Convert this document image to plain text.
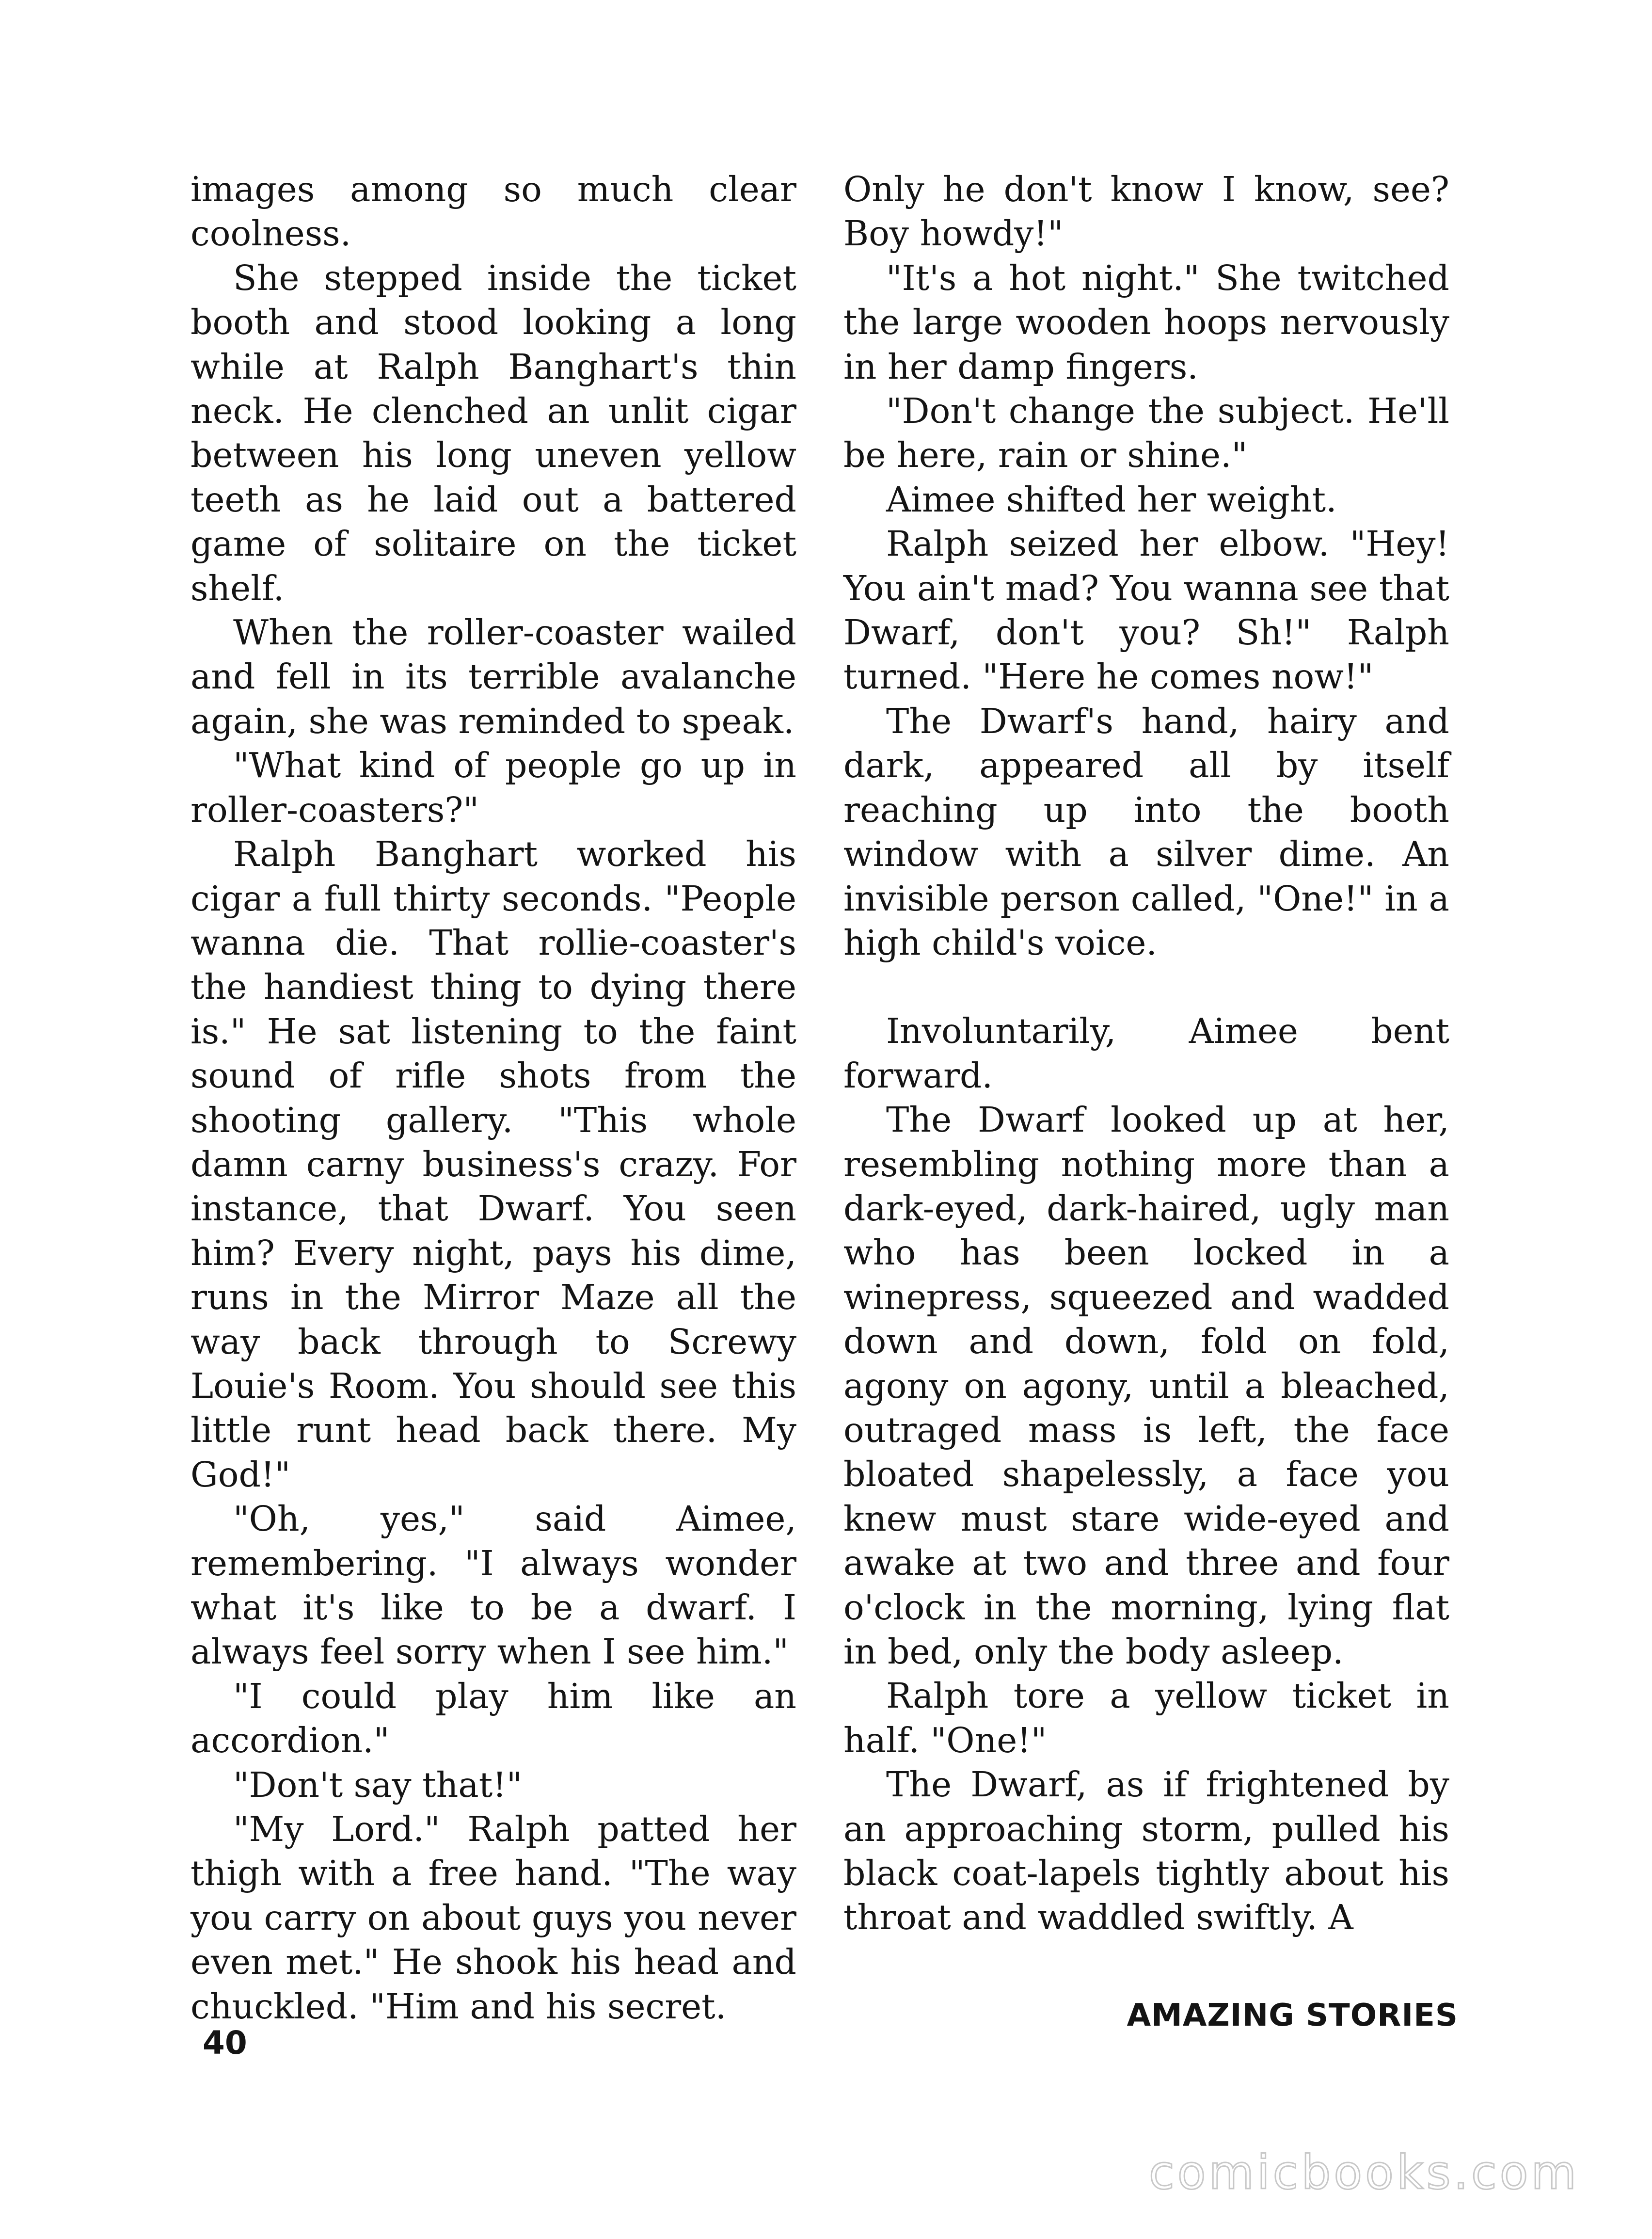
images among so much clear coolness.

She stepped inside the ticket booth and stood looking a long while at Ralph Banghart's thin neck. He clenched an unlit cigar between his long uneven yellow teeth as he laid out a battered game of solitaire on the ticket shelf.

When the roller-coaster wailed and fell in its terrible avalanche again, she was reminded to speak.

"What kind of people go up in roller-coasters?"

Ralph Banghart worked his cigar a full thirty seconds. "People wanna die. That rollie-coaster's the handiest thing to dying there is." He sat listening to the faint sound of rifle shots from the shooting gallery. "This whole damn carny business's crazy. For instance, that Dwarf. You seen him? Every night, pays his dime, runs in the Mirror Maze all the way back through to Screwy Louie's Room. You should see this little runt head back there. My God!"

"Oh, yes," said Aimee, remembering. "I always wonder what it's like to be a dwarf. I always feel sorry when I see him."

"I could play him like an accordion."

"Don't say that!"

"My Lord." Ralph patted her thigh with a free hand. "The way you carry on about guys you never even met." He shook his head and chuckled. "Him and his secret.

Only he don't know I know, see? Boy howdy!"

"It's a hot night." She twitched the large wooden hoops nervously in her damp fingers.

"Don't change the subject. He'll be here, rain or shine."

Aimee shifted her weight.

Ralph seized her elbow. "Hey! You ain't mad? You wanna see that Dwarf, don't you? Sh!" Ralph turned. "Here he comes now!"

The Dwarf's hand, hairy and dark, appeared all by itself reaching up into the booth window with a silver dime. An invisible person called, "One!" in a high child's voice.

Involuntarily, Aimee bent forward.

The Dwarf looked up at her, resembling nothing more than a dark-eyed, dark-haired, ugly man who has been locked in a winepress, squeezed and wadded down and down, fold on fold, agony on agony, until a bleached, outraged mass is left, the face bloated shapelessly, a face you knew must stare wide-eyed and awake at two and three and four o'clock in the morning, lying flat in bed, only the body asleep.

Ralph tore a yellow ticket in half. "One!"

The Dwarf, as if frightened by an approaching storm, pulled his black coat-lapels tightly about his throat and waddled swiftly. A

40
AMAZING STORIES
comicbooks.com
